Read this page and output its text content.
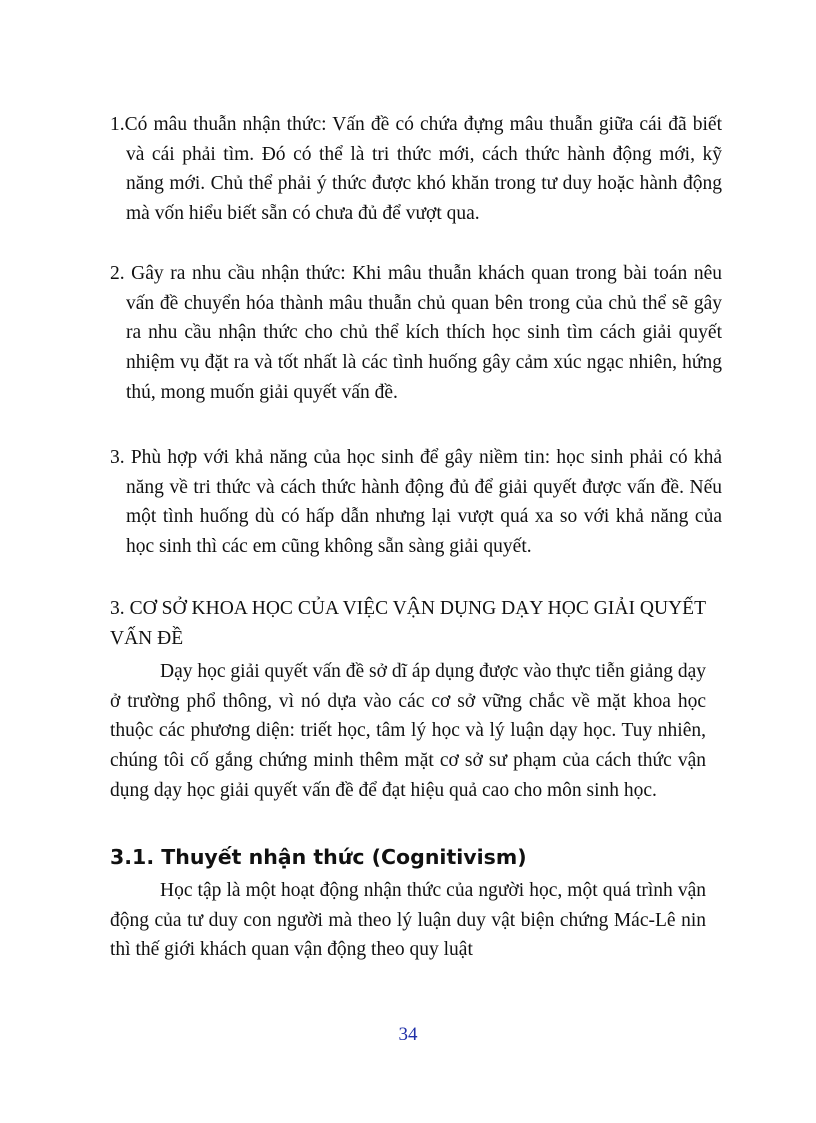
1.Có mâu thuẫn nhận thức: Vấn đề có chứa đựng mâu thuẫn giữa cái đã biết và cái phải tìm. Đó có thể là tri thức mới, cách thức hành động mới, kỹ năng mới. Chủ thể phải ý thức được khó khăn trong tư duy hoặc hành động mà vốn hiểu biết sẵn có chưa đủ để vượt qua.

2. Gây ra nhu cầu nhận thức: Khi mâu thuẫn khách quan trong bài toán nêu vấn đề chuyển hóa thành mâu thuẫn chủ quan bên trong của chủ thể sẽ gây ra nhu cầu nhận thức cho chủ thể kích thích học sinh tìm cách giải quyết nhiệm vụ đặt ra và tốt nhất là các tình huống gây cảm xúc ngạc nhiên, hứng thú, mong muốn giải quyết vấn đề.

3. Phù hợp với khả năng của học sinh để gây niềm tin: học sinh phải có khả năng về tri thức và cách thức hành động đủ để giải quyết được vấn đề. Nếu một tình huống dù có hấp dẫn nhưng lại vượt quá xa so với khả năng của học sinh thì các em cũng không sẵn sàng giải quyết.

3. CƠ SỞ KHOA HỌC CỦA VIỆC VẬN DỤNG DẠY HỌC GIẢI QUYẾT VẤN ĐỀ

Dạy học giải quyết vấn đề sở dĩ áp dụng được vào thực tiễn giảng dạy ở trường phổ thông, vì nó dựa vào các cơ sở vững chắc về mặt khoa học thuộc các phương diện: triết học, tâm lý học và lý luận dạy học. Tuy nhiên, chúng tôi cố gắng chứng minh thêm mặt cơ sở sư phạm của cách thức vận dụng dạy học giải quyết vấn đề để đạt hiệu quả cao cho môn sinh học.

3.1. Thuyết nhận thức (Cognitivism)

Học tập là một hoạt động nhận thức của người học, một quá trình vận động của tư duy con người mà theo lý luận duy vật biện chứng Mác-Lê nin thì thế giới khách quan vận động theo quy luật

34
